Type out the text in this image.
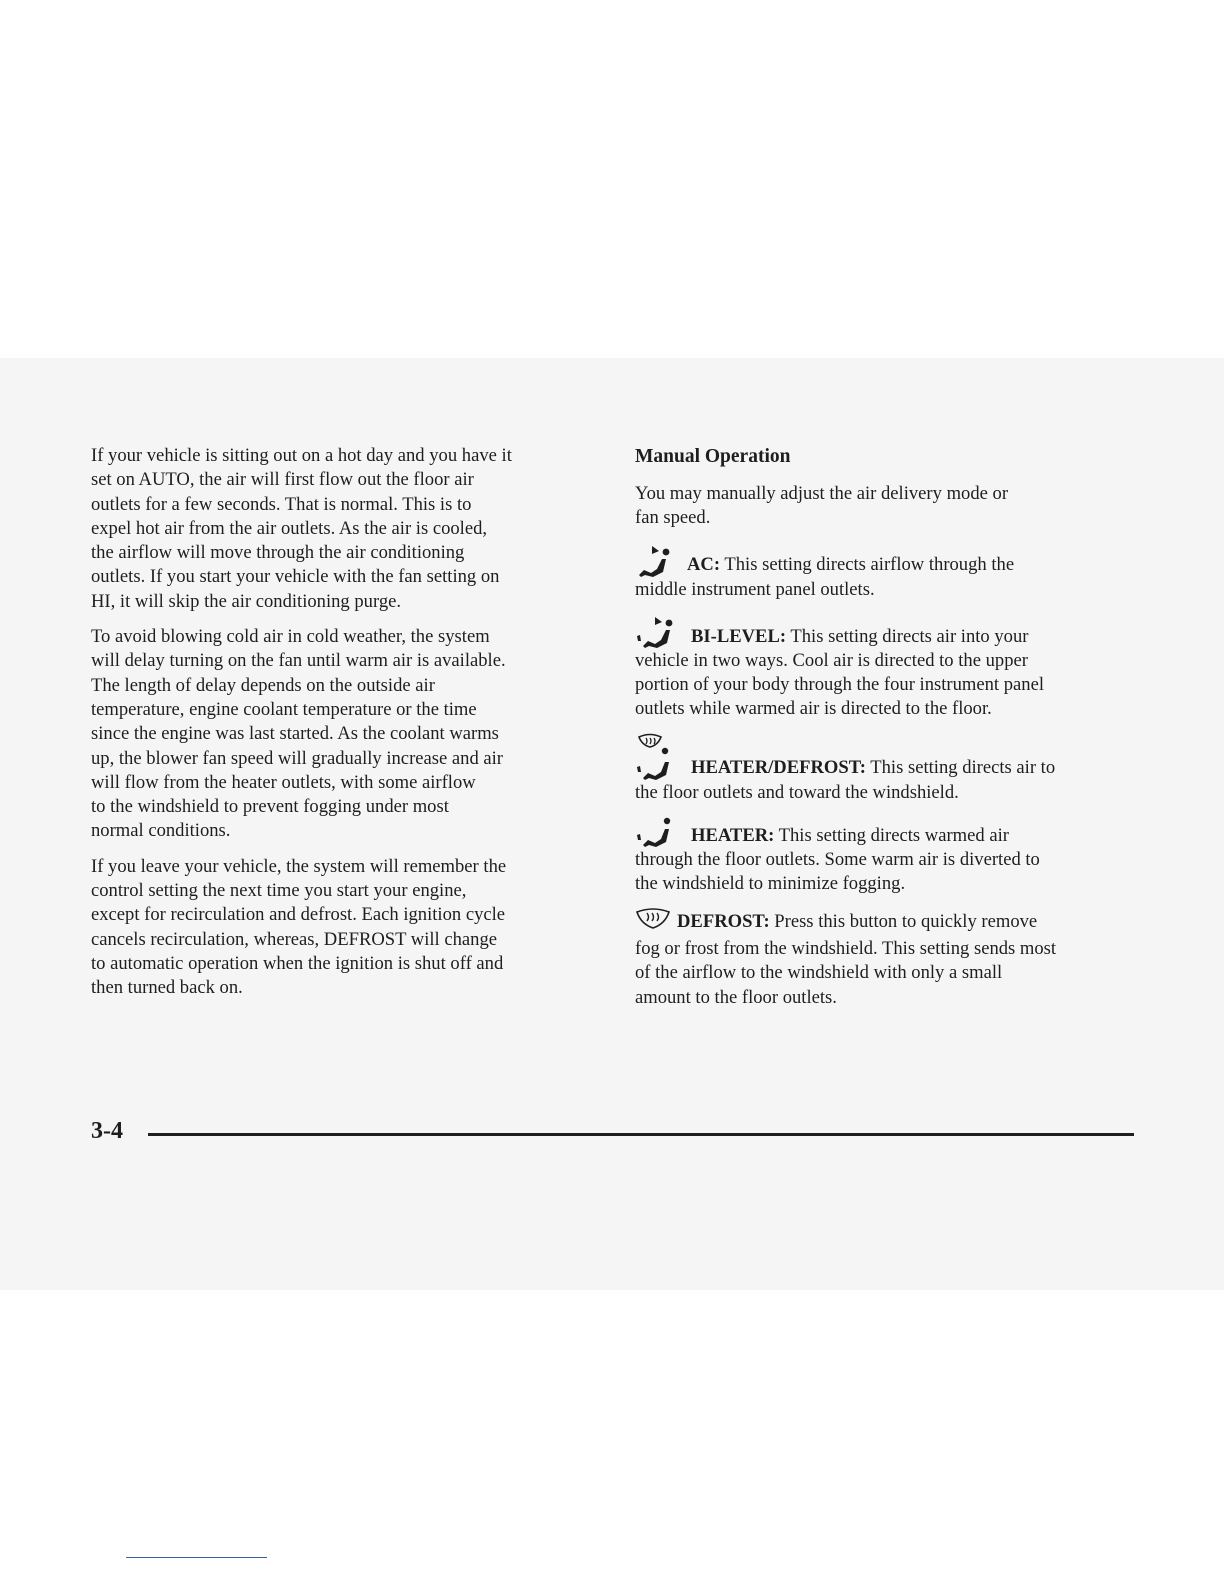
If your vehicle is sitting out on a hot day and you have it
set on AUTO, the air will first flow out the floor air
outlets for a few seconds. That is normal. This is to
expel hot air from the air outlets. As the air is cooled,
the airflow will move through the air conditioning
outlets. If you start your vehicle with the fan setting on
HI, it will skip the air conditioning purge.

To avoid blowing cold air in cold weather, the system
will delay turning on the fan until warm air is available.
The length of delay depends on the outside air
temperature, engine coolant temperature or the time
since the engine was last started. As the coolant warms
up, the blower fan speed will gradually increase and air
will flow from the heater outlets, with some airflow
to the windshield to prevent fogging under most
normal conditions.

If you leave your vehicle, the system will remember the
control setting the next time you start your engine,
except for recirculation and defrost. Each ignition cycle
cancels recirculation, whereas, DEFROST will change
to automatic operation when the ignition is shut off and
then turned back on.

Manual Operation

You may manually adjust the air delivery mode or
fan speed.

AC: This setting directs airflow through the
middle instrument panel outlets.
BI-LEVEL: This setting directs air into your
vehicle in two ways. Cool air is directed to the upper
portion of your body through the four instrument panel
outlets while warmed air is directed to the floor.
HEATER/DEFROST: This setting directs air to
the floor outlets and toward the windshield.
HEATER: This setting directs warmed air
through the floor outlets. Some warm air is diverted to
the windshield to minimize fogging.
DEFROST: Press this button to quickly remove
fog or frost from the windshield. This setting sends most
of the airflow to the windshield with only a small
amount to the floor outlets.
3-4
